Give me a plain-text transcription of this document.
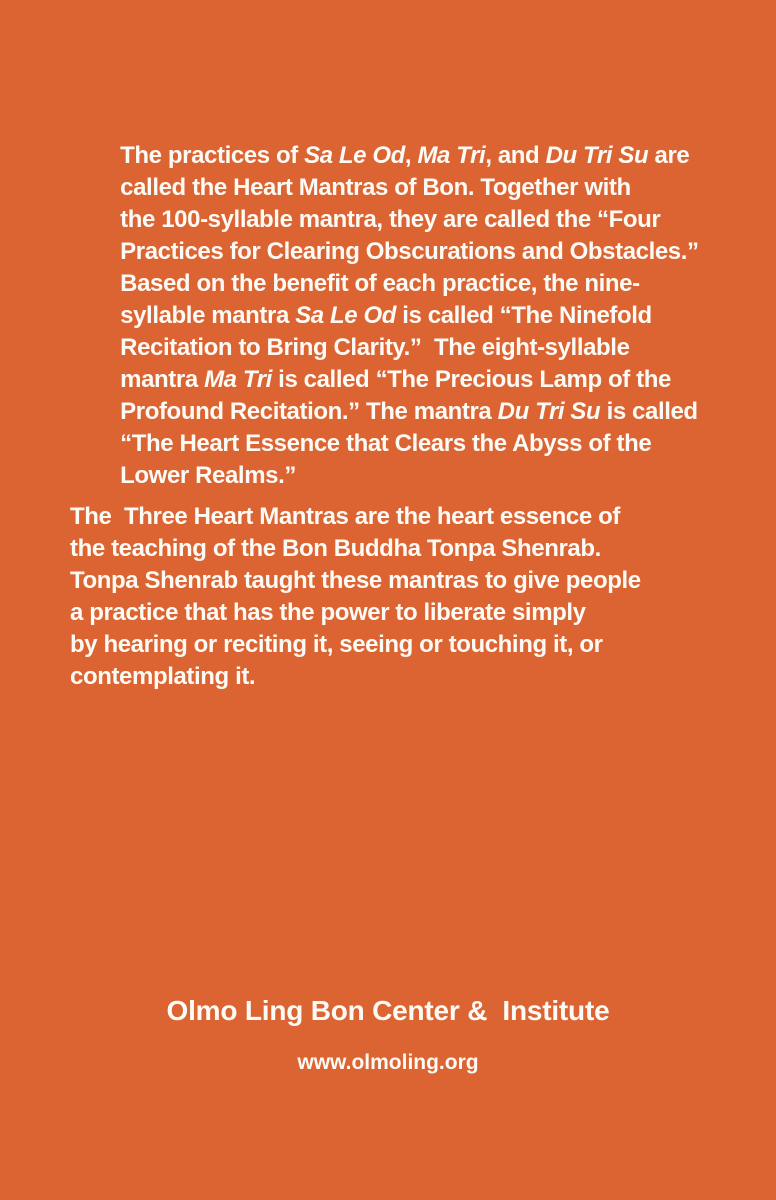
The practices of Sa Le Od, Ma Tri, and Du Tri Su are

called the Heart Mantras of Bon. Together with

the 100-syllable mantra, they are called the “Four

Practices for Clearing Obscurations and Obstacles.”

Based on the benefit of each practice, the nine-

syllable mantra Sa Le Od is called “The Ninefold

Recitation to Bring Clarity.”  The eight-syllable

mantra Ma Tri is called “The Precious Lamp of the

Profound Recitation.” The mantra Du Tri Su is called

“The Heart Essence that Clears the Abyss of the

Lower Realms.”

The  Three Heart Mantras are the heart essence of
the teaching of the Bon Buddha Tonpa Shenrab.
Tonpa Shenrab taught these mantras to give people
a practice that has the power to liberate simply
by hearing or reciting it, seeing or touching it, or
contemplating it.
Olmo Ling Bon Center &  Institute
www.olmoling.org
